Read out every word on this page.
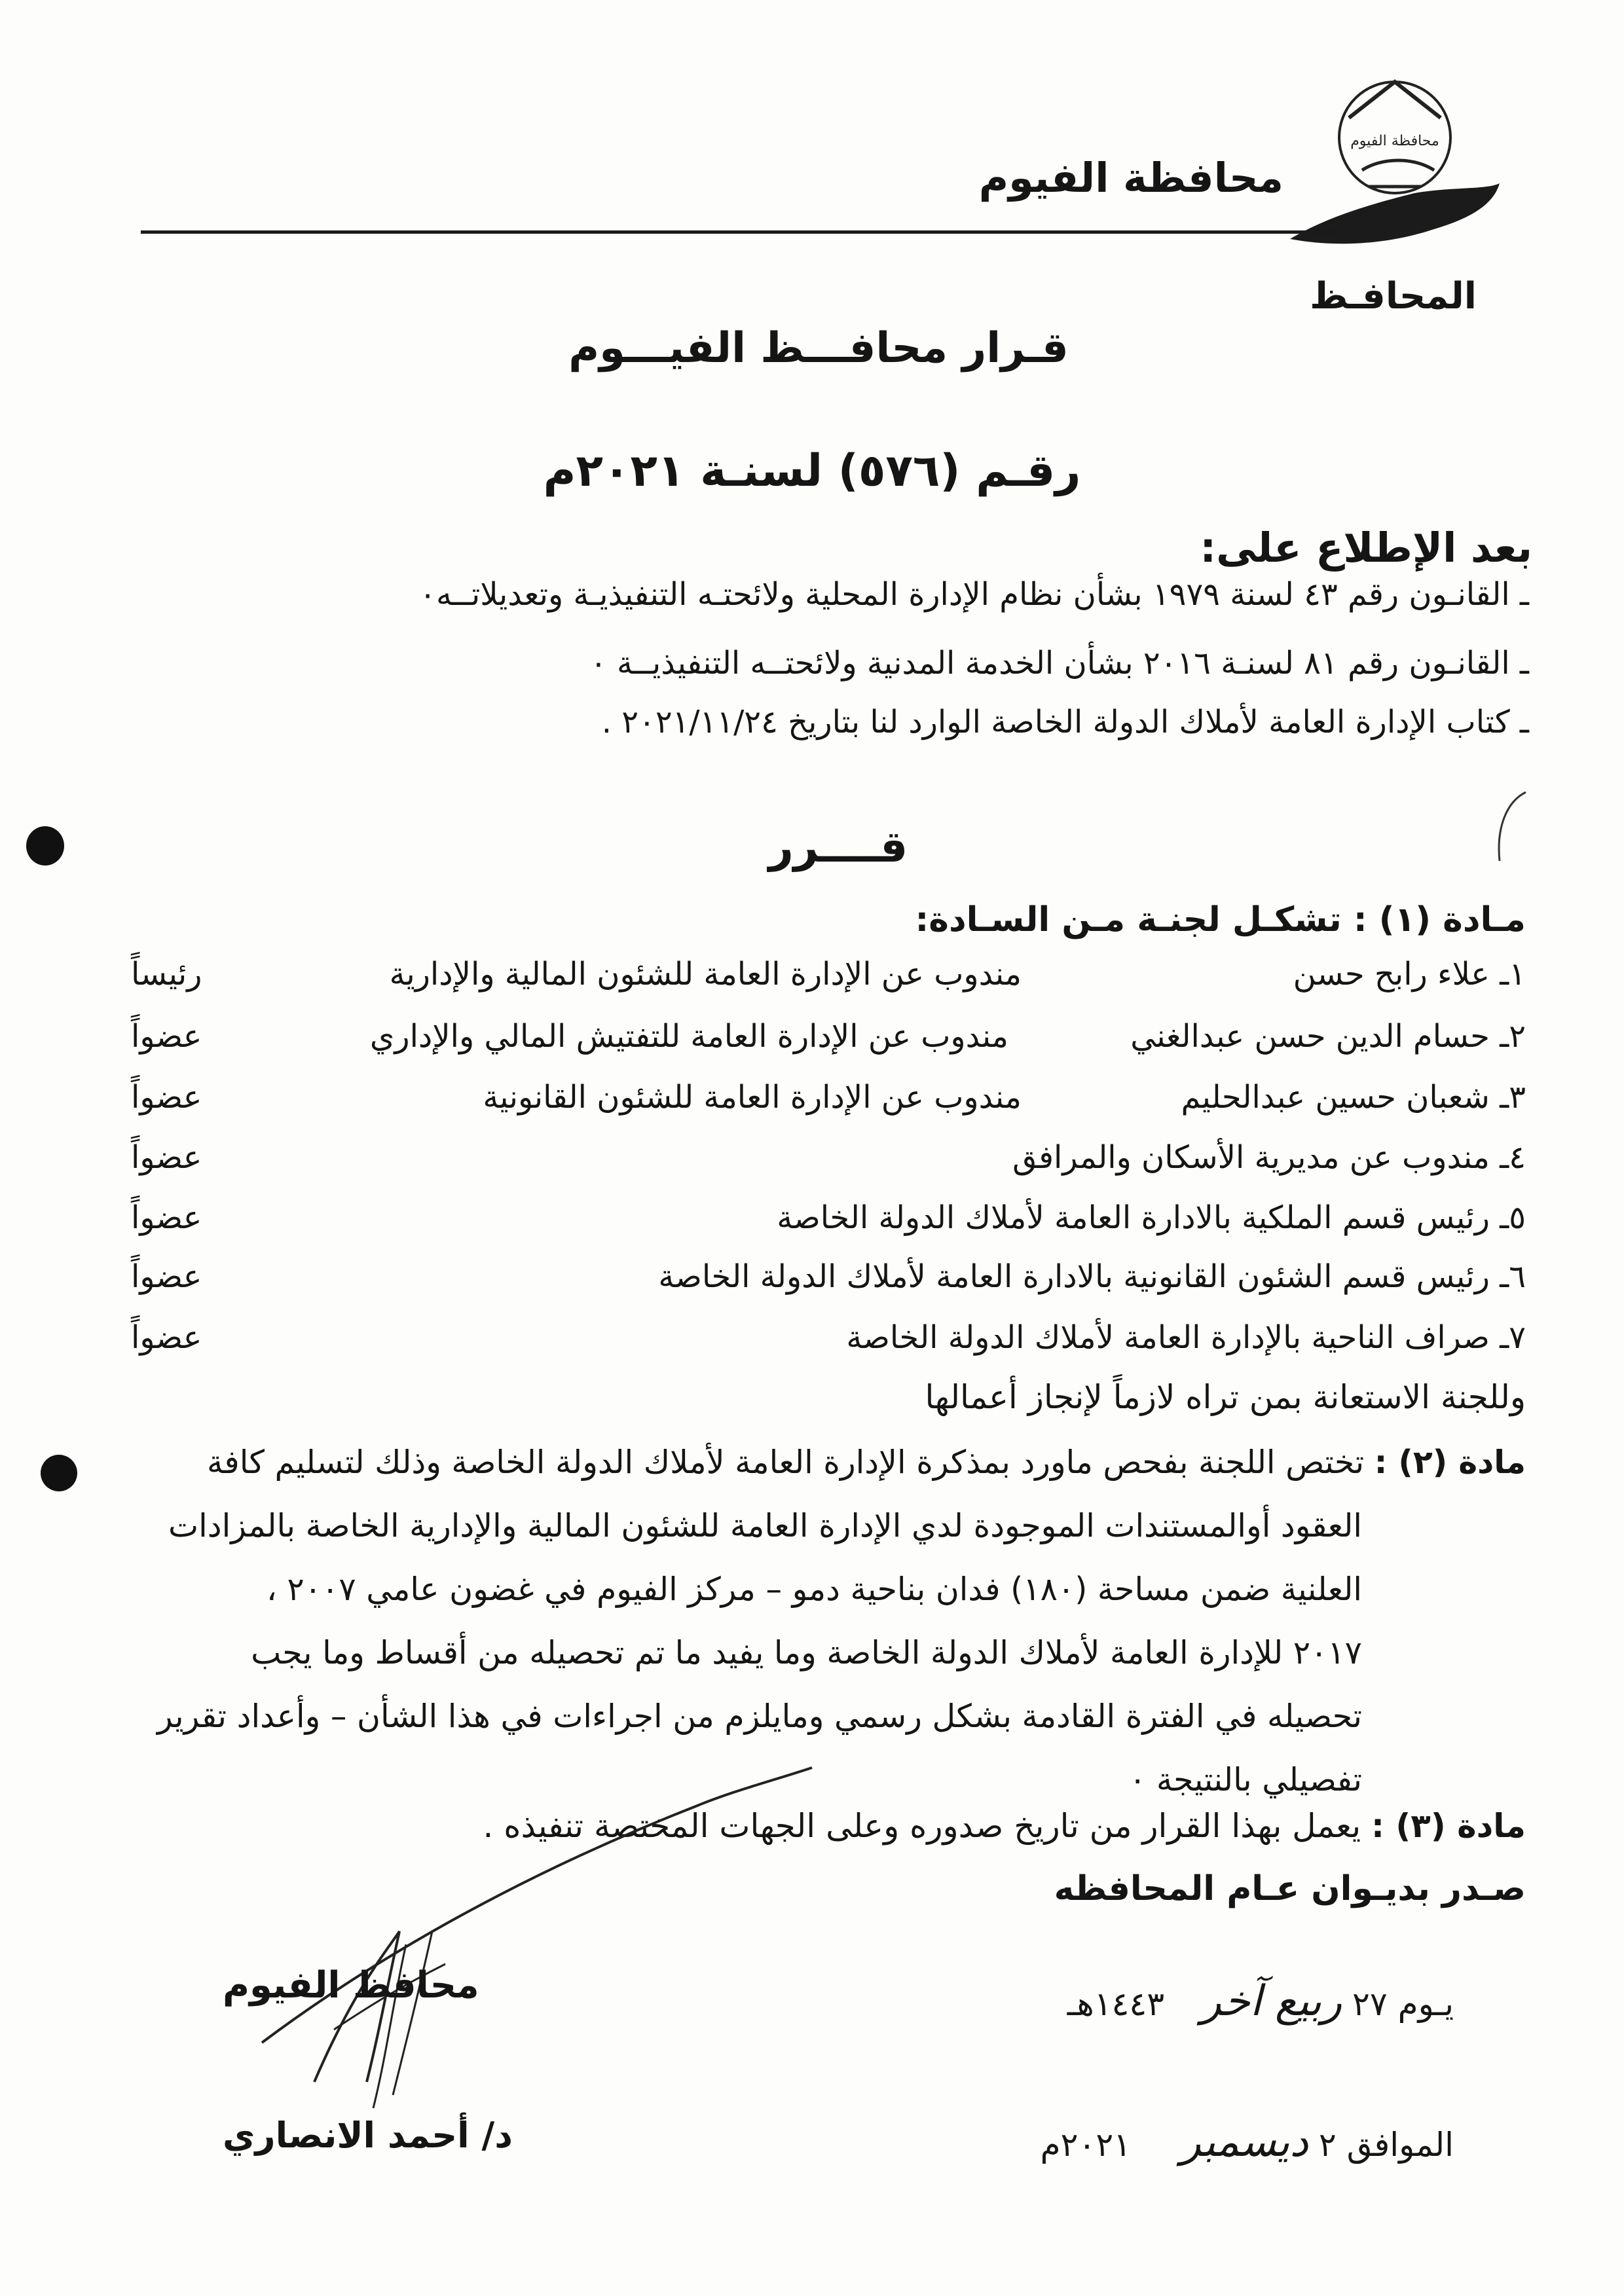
محافظة الفيوم
محافظة الفيوم
المحافـظ
قـرار محافـــظ الفيـــوم
رقـم (٥٧٦) لسنـة ٢٠٢١م
بعد الإطلاع على:
ـ القانـون رقم ٤٣ لسنة ١٩٧٩ بشأن نظام الإدارة المحلية ولائحتـه التنفيذيـة وتعديلاتــه٠
ـ القانـون رقم ٨١ لسنـة ٢٠١٦ بشأن الخدمة المدنية ولائحتــه التنفيذيــة ٠
ـ كتاب الإدارة العامة لأملاك الدولة الخاصة الوارد لنا بتاريخ ٢٠٢١/١١/٢٤ .
قــــرر
مـادة (١) : تشكـل لجنـة مـن السـادة:
١ـ علاء رابح حسن
مندوب عن الإدارة العامة للشئون المالية والإدارية
رئيساً
٢ـ حسام الدين حسن عبدالغني
مندوب عن الإدارة العامة للتفتيش المالي والإداري
عضواً
٣ـ شعبان حسين عبدالحليم
مندوب عن الإدارة العامة للشئون القانونية
عضواً
٤ـ مندوب عن مديرية الأسكان والمرافق
عضواً
٥ـ رئيس قسم الملكية بالادارة العامة لأملاك الدولة الخاصة
عضواً
٦ـ رئيس قسم الشئون القانونية بالادارة العامة لأملاك الدولة الخاصة
عضواً
٧ـ صراف الناحية بالإدارة العامة لأملاك الدولة الخاصة
عضواً
وللجنة الاستعانة بمن تراه لازماً لإنجاز أعمالها
مادة (٢) : تختص اللجنة بفحص ماورد بمذكرة الإدارة العامة لأملاك الدولة الخاصة وذلك لتسليم كافة
العقود أوالمستندات الموجودة لدي الإدارة العامة للشئون المالية والإدارية الخاصة بالمزادات
العلنية ضمن مساحة (١٨٠) فدان بناحية دمو – مركز الفيوم في غضون عامي ٢٠٠٧ ،
٢٠١٧ للإدارة العامة لأملاك الدولة الخاصة وما يفيد ما تم تحصيله من أقساط وما يجب
تحصيله في الفترة القادمة بشكل رسمي ومايلزم من اجراءات في هذا الشأن – وأعداد تقرير
تفصيلي بالنتيجة ٠
مادة (٣) : يعمل بهذا القرار من تاريخ صدوره وعلى الجهات المختصة تنفيذه .
صـدر بديـوان عـام المحافظه
محافظ الفيوم
د/ أحمد الانصاري
يـوم ٢٧ ربيع آخر ١٤٤٣هـ
الموافق ٢ ديسمبر ٢٠٢١م
